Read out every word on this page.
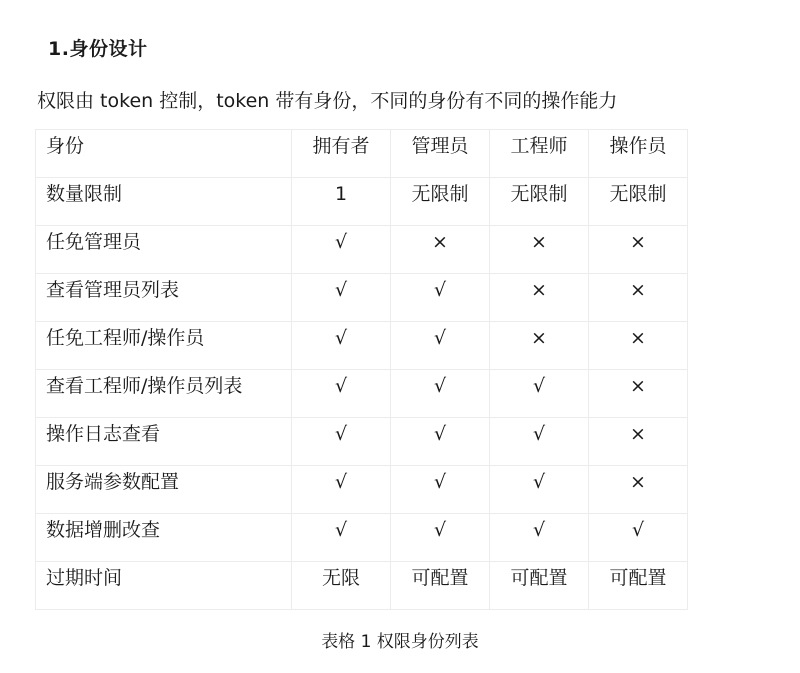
1.身份设计
权限由 token 控制，token 带有身份，不同的身份有不同的操作能力
身份	拥有者	管理员	工程师	操作员
数量限制	1	无限制	无限制	无限制
任免管理员	√	×	×	×
查看管理员列表	√	√	×	×
任免工程师/操作员	√	√	×	×
查看工程师/操作员列表	√	√	√	×
操作日志查看	√	√	√	×
服务端参数配置	√	√	√	×
数据增删改查	√	√	√	√
过期时间	无限	可配置	可配置	可配置
表格 1 权限身份列表
